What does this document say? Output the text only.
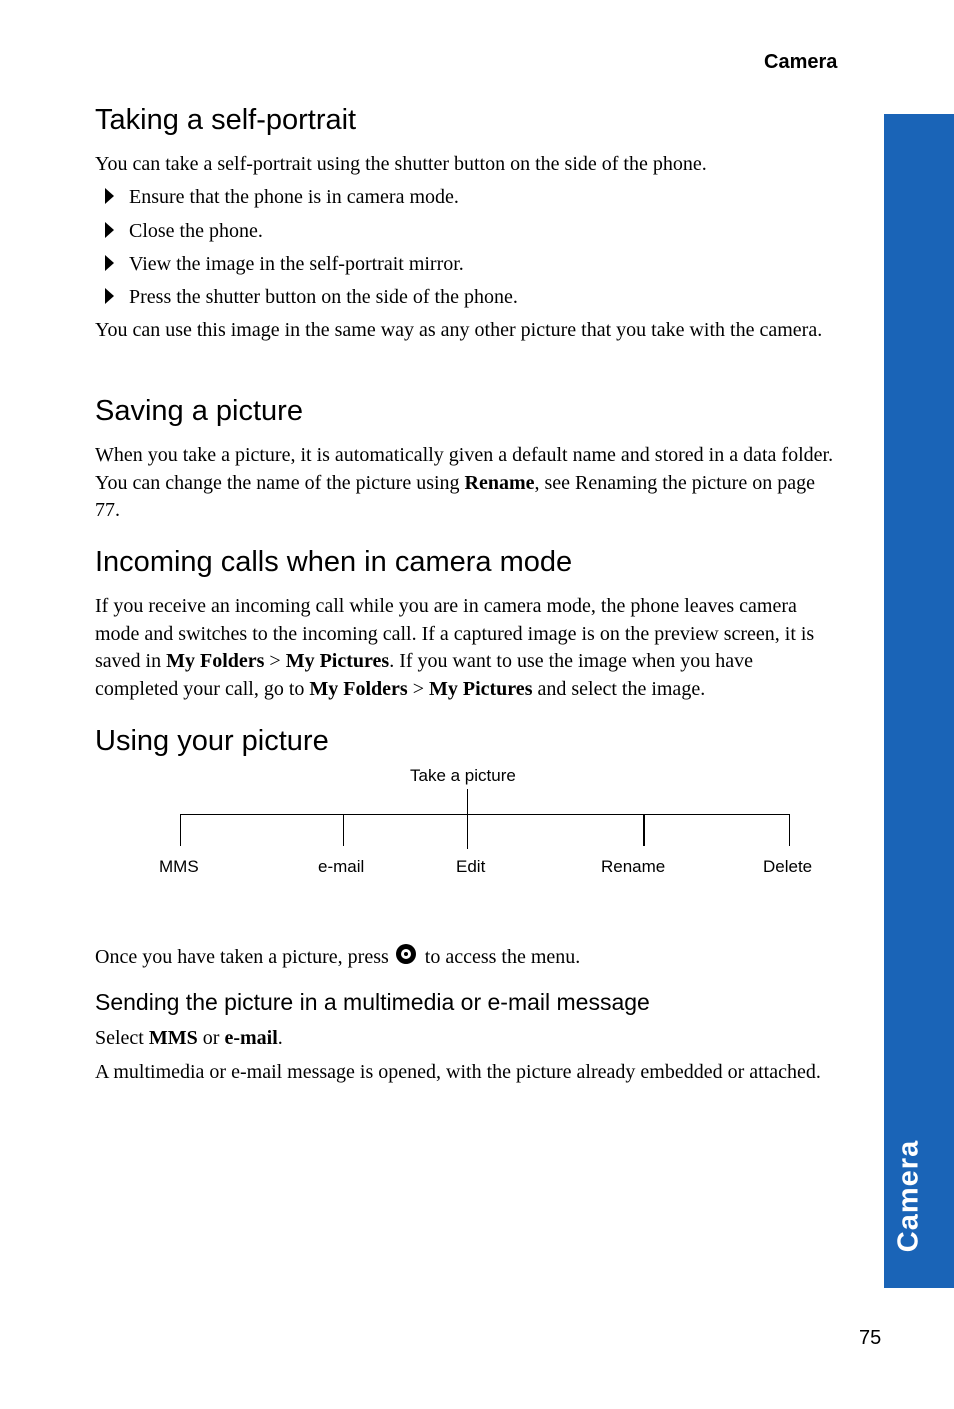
Camera
Camera
Taking a self-portrait

You can take a self-portrait using the shutter button on the side of the phone.

Ensure that the phone is in camera mode.
Close the phone.
View the image in the self-portrait mirror.
Press the shutter button on the side of the phone.

You can use this image in the same way as any other picture that you take with the camera.

Saving a picture

When you take a picture, it is automatically given a default name and stored in a data folder. You can change the name of the picture using Rename, see Renaming the picture on page 77.

Incoming calls when in camera mode

If you receive an incoming call while you are in camera mode, the phone leaves camera mode and switches to the incoming call. If a captured image is on the preview screen, it is saved in My Folders > My Pictures. If you want to use the image when you have completed your call, go to My Folders > My Pictures and select the image.

Using your picture
Take a picture
MMS	e-mail	Edit	Rename	Delete

Once you have taken a picture, press  to access the menu.

Sending the picture in a multimedia or e-mail message

Select MMS or e-mail.

A multimedia or e-mail message is opened, with the picture already embedded or attached.

75
